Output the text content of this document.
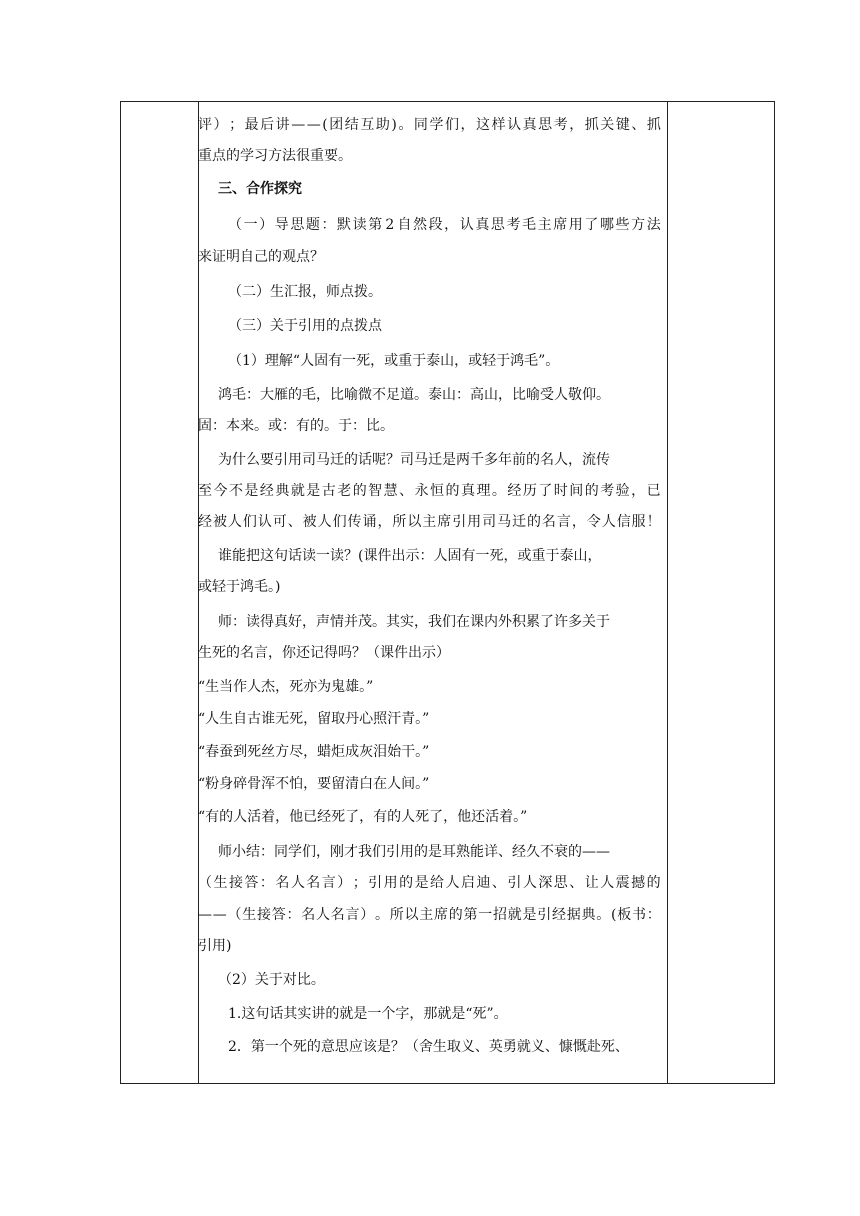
评 ） ； 最 后 讲 — — ( 团 结 互 助 ) 。 同 学 们 ， 这 样 认 真 思 考 ， 抓 关 键 、 抓
重点的学习方法很重要。
三、合作探究
（ 一 ） 导 思 题 ： 默 读 第 2 自 然 段 ， 认 真 思 考 毛 主 席 用 了 哪 些 方 法
来证明自己的观点？
（二）生汇报，师点拨。
（三）关于引用的点拨点
（1）理解“人固有一死，或重于泰山，或轻于鸿毛”。
鸿毛：大雁的毛，比喻微不足道。泰山：高山，比喻受人敬仰。
固：本来。或：有的。于：比。
为什么要引用司马迁的话呢？司马迁是两千多年前的名人，流传
至 今 不 是 经 典 就 是 古 老 的 智 慧 、 永 恒 的 真 理 。 经 历 了 时 间 的 考 验 ， 已
经 被 人 们 认 可 、 被 人 们 传 诵 ， 所 以 主 席 引 用 司 马 迁 的 名 言 ， 令 人 信 服 ！
谁能把这句话读一读？(课件出示：人固有一死，或重于泰山，
或轻于鸿毛。)
师：读得真好，声情并茂。其实，我们在课内外积累了许多关于
生死的名言，你还记得吗？（课件出示）
“生当作人杰，死亦为鬼雄。”
“人生自古谁无死，留取丹心照汗青。”
“春蚕到死丝方尽，蜡炬成灰泪始干。”
“粉身碎骨浑不怕，要留清白在人间。”
“有的人活着，他已经死了，有的人死了，他还活着。”
师小结：同学们，刚才我们引用的是耳熟能详、经久不衰的——
（ 生 接 答 ： 名 人 名 言 ） ； 引 用 的 是 给 人 启 迪 、 引 人 深 思 、 让 人 震 撼 的
— — （ 生 接 答 ： 名 人 名 言 ） 。 所 以 主 席 的 第 一 招 就 是 引 经 据 典 。 ( 板 书 ：
引用)
（2）关于对比。
1.这句话其实讲的就是一个字，那就是“死”。
2．第一个死的意思应该是？（舍生取义、英勇就义、慷慨赴死、
